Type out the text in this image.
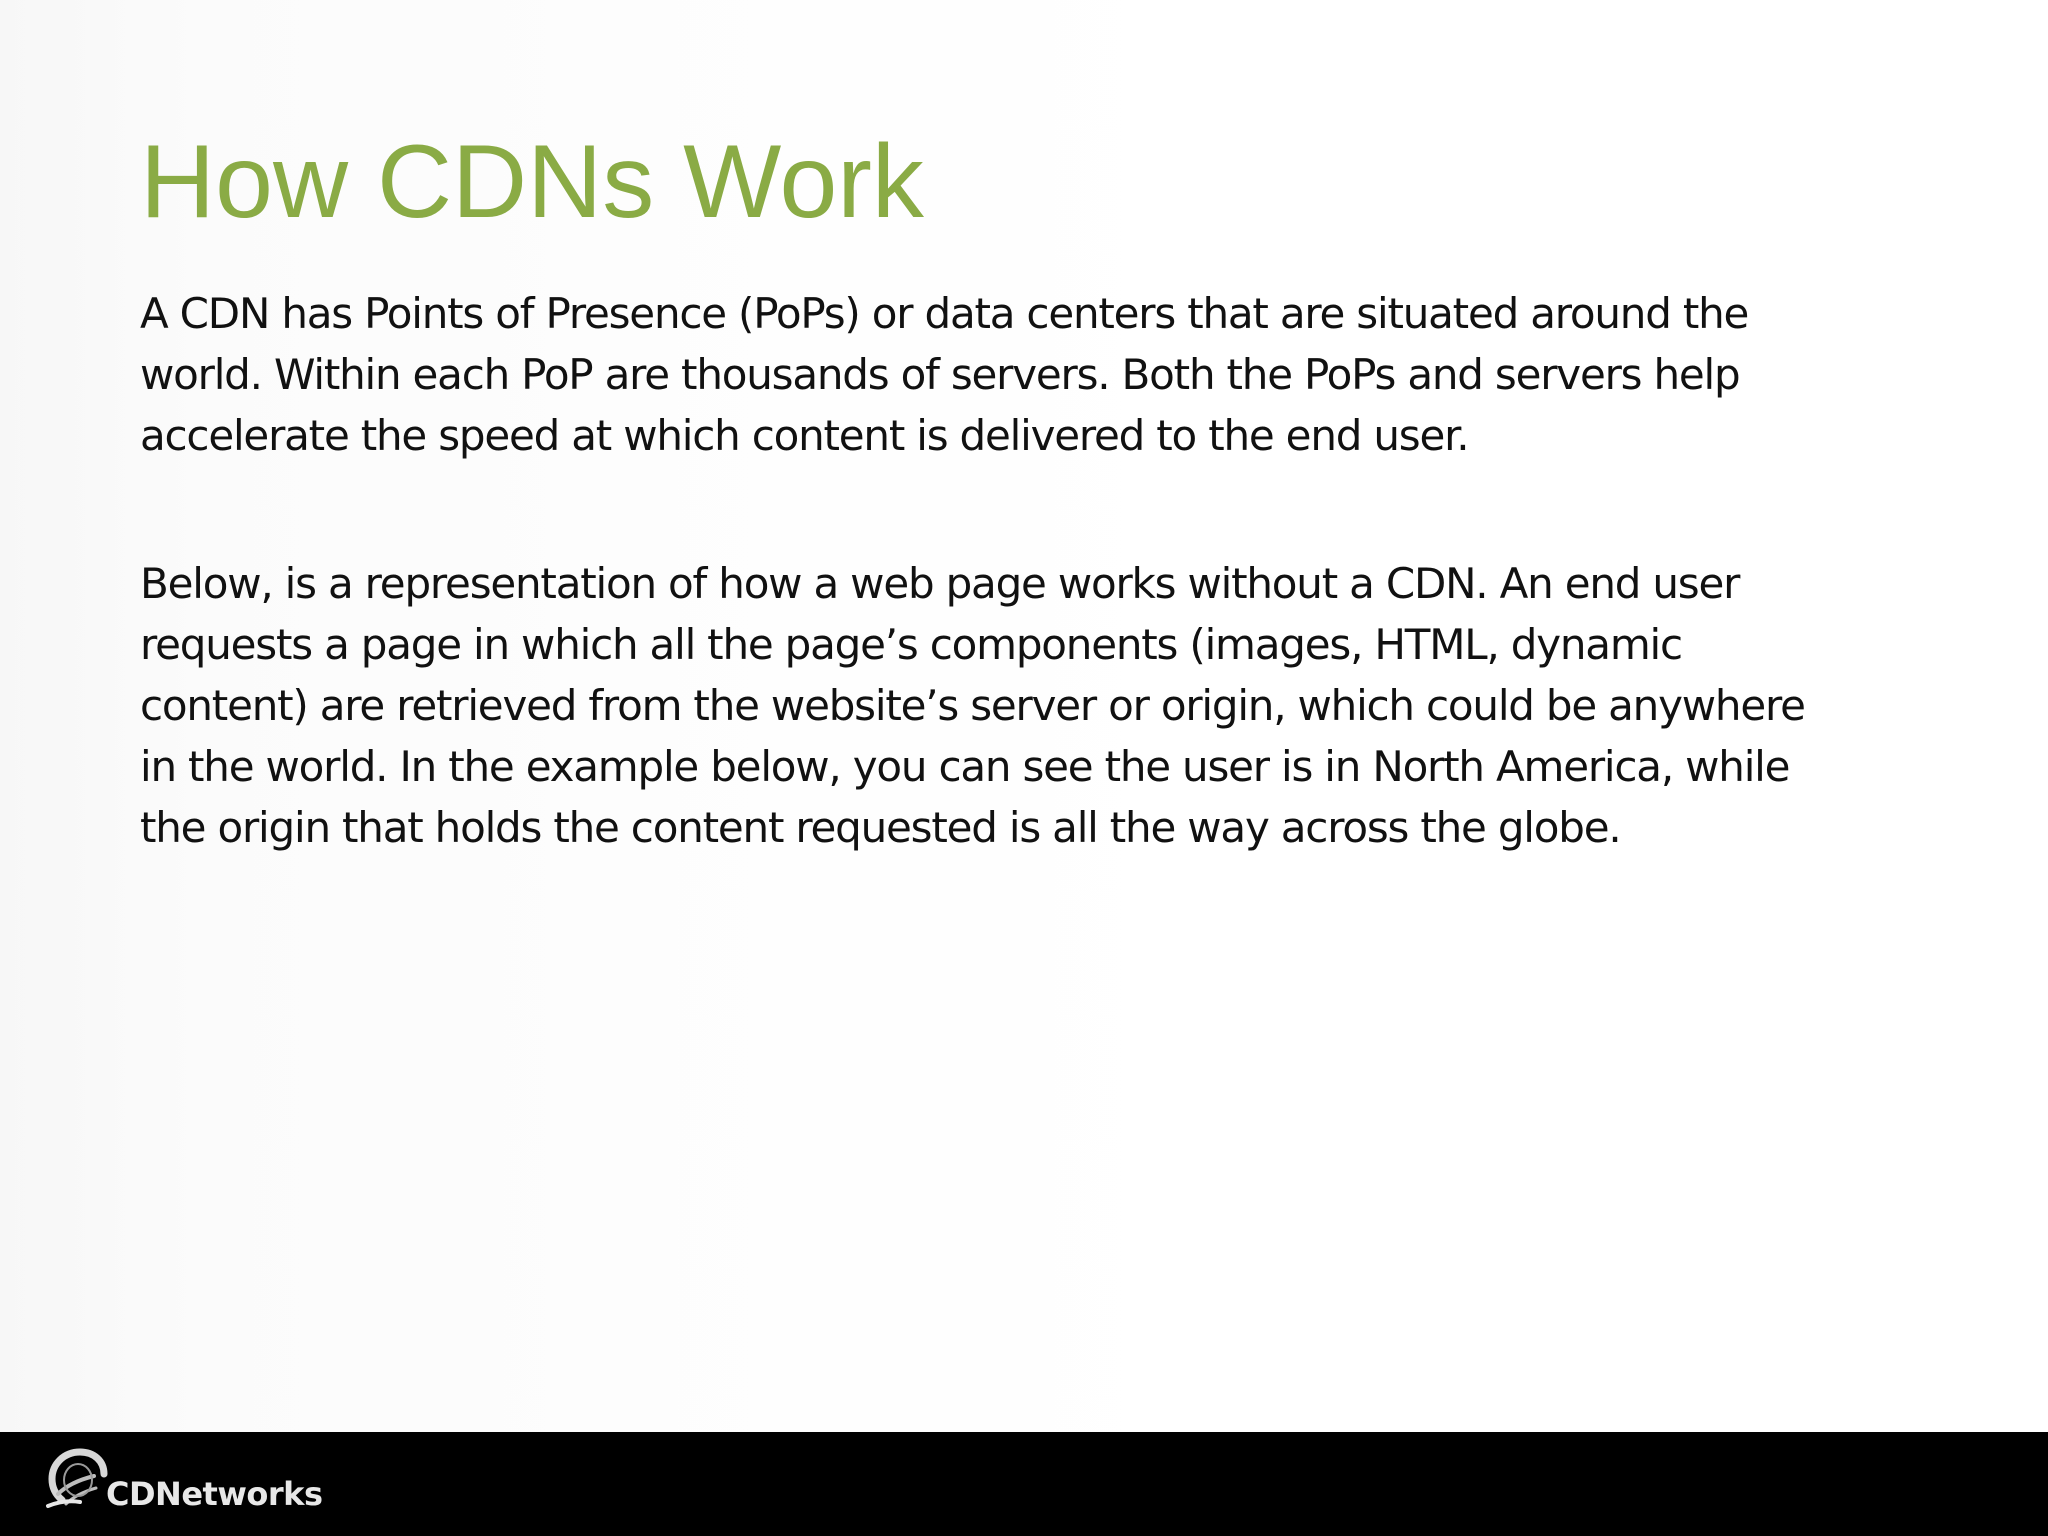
How CDNs Work

A CDN has Points of Presence (PoPs) or data centers that are situated around the
world. Within each PoP are thousands of servers. Both the PoPs and servers help
accelerate the speed at which content is delivered to the end user.

Below, is a representation of how a web page works without a CDN. An end user
requests a page in which all the page’s components (images, HTML, dynamic
content) are retrieved from the website’s server or origin, which could be anywhere
in the world. In the example below, you can see the user is in North America, while
the origin that holds the content requested is all the way across the globe.

CDNetworks
